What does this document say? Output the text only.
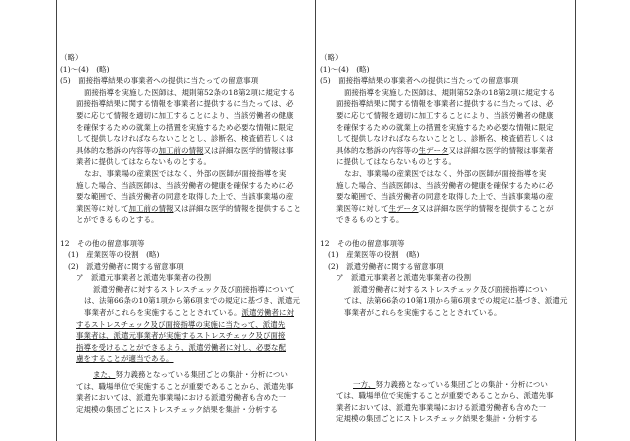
（略）
(1)～(4)　(略)
(5)　面接指導結果の事業者への提供に当たっての留意事項
面接指導を実施した医師は、規則第52条の18第2項に規定する
面接指導結果に関する情報を事業者に提供するに当たっては、必
要に応じて情報を適切に加工することにより、当該労働者の健康
を確保するための就業上の措置を実施するため必要な情報に限定
して提供しなければならないこととし、診断名、検査値若しくは
具体的な愁訴の内容等の加工前の情報又は詳細な医学的情報は事
業者に提供してはならないものとする。
なお、事業場の産業医ではなく、外部の医師が面接指導を実
施した場合、当該医師は、当該労働者の健康を確保するために必
要な範囲で、当該労働者の同意を取得した上で、当該事業場の産
業医等に対して加工前の情報又は詳細な医学的情報を提供すること
とができるものとする。
12　その他の留意事項等
(1)　産業医等の役割　(略)
(2)　派遣労働者に関する留意事項
ア　派遣元事業者と派遣先事業者の役割
派遣労働者に対するストレスチェック及び面接指導について
は、法第66条の10第1項から第6項までの規定に基づき、派遣元
事業者がこれらを実施することとされている。派遣労働者に対
するストレスチェック及び面接指導の実施に当たって、派遣先
事業者は、派遣元事業者が実施するストレスチェック及び面接
指導を受けることができるよう、派遣労働者に対し、必要な配
慮をすることが適当である。
また、努力義務となっている集団ごとの集計・分析につい
ては、職場単位で実施することが重要であることから、派遣先事
業者においては、派遣先事業場における派遣労働者も含めた一
定規模の集団ごとにストレスチェック結果を集計・分析する
（略）
(1)～(4)　(略)
(5)　面接指導結果の事業者への提供に当たっての留意事項
面接指導を実施した医師は、規則第52条の18第2項に規定する
面接指導結果に関する情報を事業者に提供するに当たっては、必
要に応じて情報を適切に加工することにより、当該労働者の健康
を確保するための就業上の措置を実施するため必要な情報に限定
して提供しなければならないこととし、診断名、検査値若しくは
具体的な愁訴の内容等の生データ又は詳細な医学的情報は事業者
に提供してはならないものとする。
なお、事業場の産業医ではなく、外部の医師が面接指導を実
施した場合、当該医師は、当該労働者の健康を確保するために必
要な範囲で、当該労働者の同意を取得した上で、当該事業場の産
業医等に対して生データ又は詳細な医学的情報を提供することが
できるものとする。
12　その他の留意事項等
(1)　産業医等の役割　(略)
(2)　派遣労働者に関する留意事項
ア　派遣元事業者と派遣先事業者の役割
派遣労働者に対するストレスチェック及び面接指導につい
ては、法第66条の10第1項から第6項までの規定に基づき、派遣元
事業者がこれらを実施することとされている。
一方、努力義務となっている集団ごとの集計・分析につい
ては、職場単位で実施することが重要であることから、派遣先事
業者においては、派遣先事業場における派遣労働者も含めた一
定規模の集団ごとにストレスチェック結果を集計・分析する
